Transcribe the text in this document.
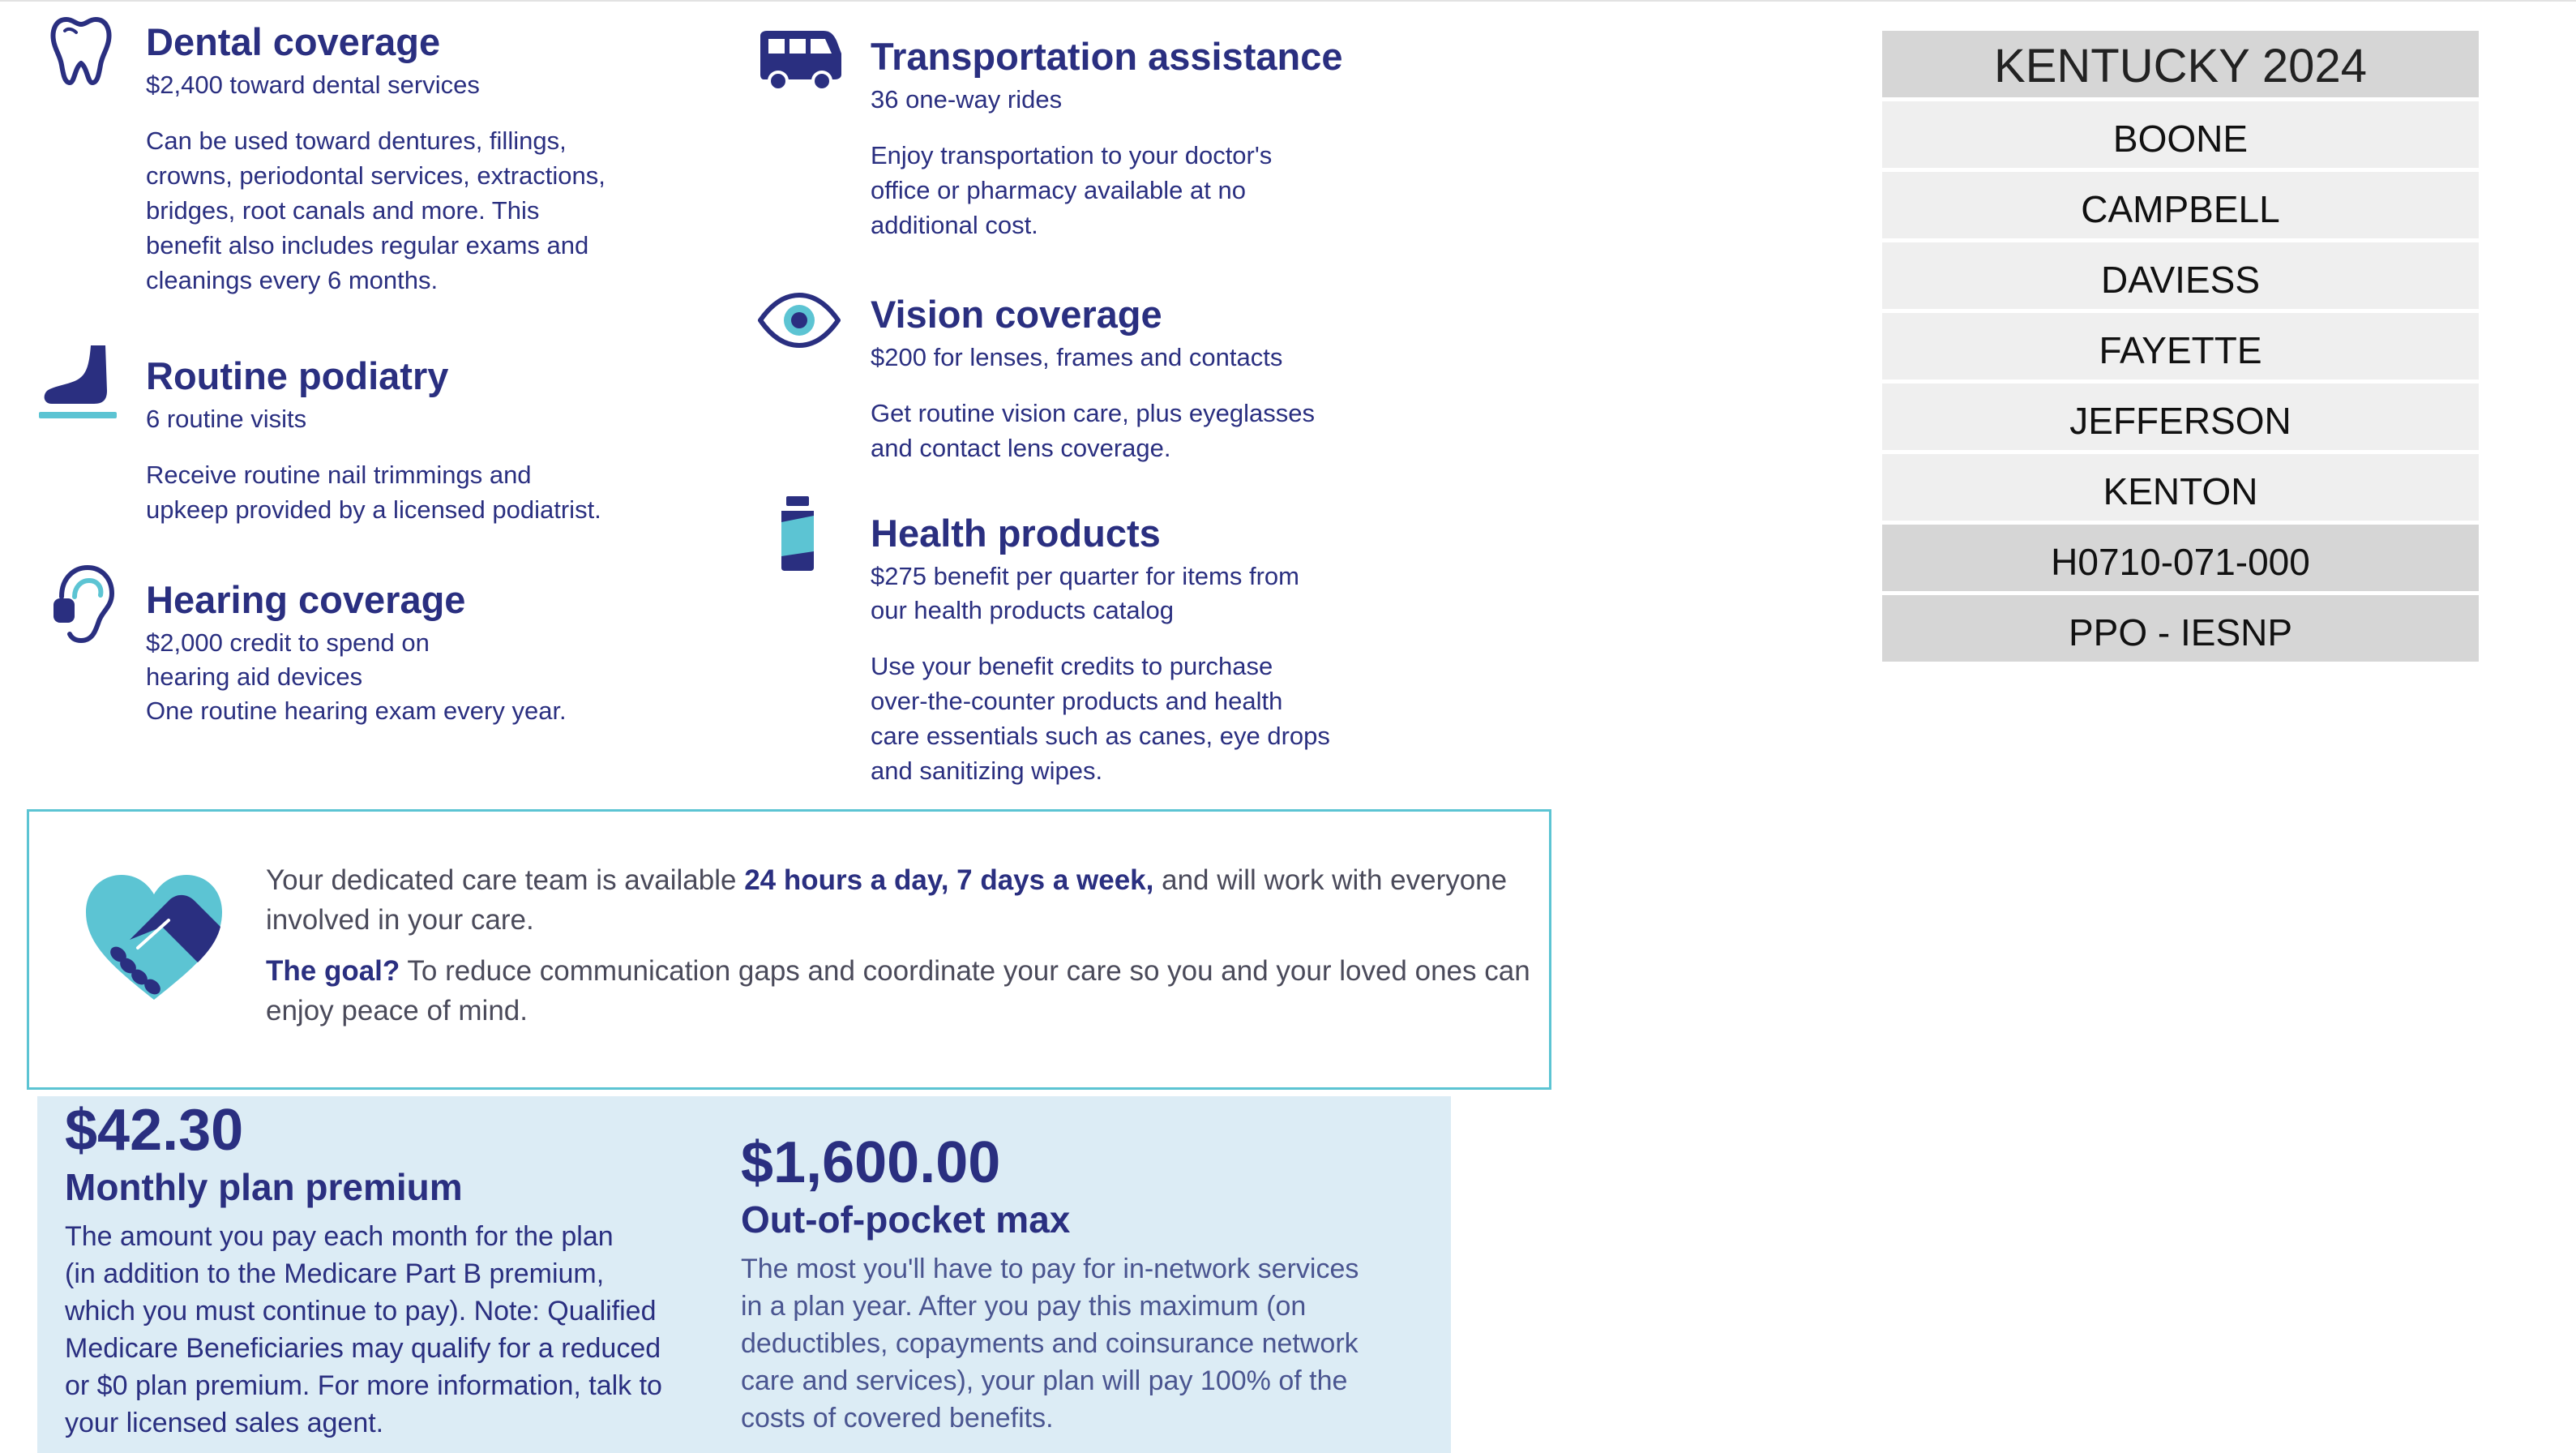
Dental coverage
$2,400 toward dental services
Can be used toward dentures, fillings,
crowns, periodontal services, extractions,
bridges, root canals and more. This
benefit also includes regular exams and
cleanings every 6 months.
Routine podiatry
6 routine visits
Receive routine nail trimmings and
upkeep provided by a licensed podiatrist.
Hearing coverage
$2,000 credit to spend on
hearing aid devices
One routine hearing exam every year.
Transportation assistance
36 one-way rides
Enjoy transportation to your doctor's
office or pharmacy available at no
additional cost.
Vision coverage
$200 for lenses, frames and contacts
Get routine vision care, plus eyeglasses
and contact lens coverage.
Health products
$275 benefit per quarter for items from
our health products catalog
Use your benefit credits to purchase
over-the-counter products and health
care essentials such as canes, eye drops
and sanitizing wipes.

Your dedicated care team is available 24 hours a day, 7 days a week, and will work with everyone involved in your care.

The goal? To reduce communication gaps and coordinate your care so you and your loved ones can enjoy peace of mind.

$42.30
Monthly plan premium
The amount you pay each month for the plan
(in addition to the Medicare Part B premium,
which you must continue to pay). Note: Qualified
Medicare Beneficiaries may qualify for a reduced
or $0 plan premium. For more information, talk to
your licensed sales agent.
$1,600.00
Out-of-pocket max
The most you'll have to pay for in-network services
in a plan year. After you pay this maximum (on
deductibles, copayments and coinsurance network
care and services), your plan will pay 100% of the
costs of covered benefits.
KENTUCKY 2024
BOONE
CAMPBELL
DAVIESS
FAYETTE
JEFFERSON
KENTON
H0710-071-000
PPO - IESNP
